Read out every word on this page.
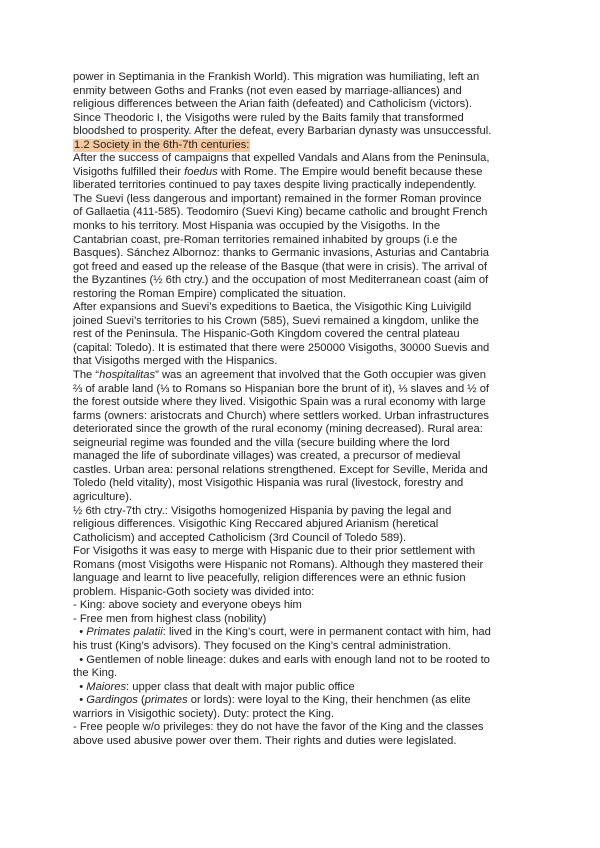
power in Septimania in the Frankish World). This migration was humiliating, left an
enmity between Goths and Franks (not even eased by marriage-alliances) and
religious differences between the Arian faith (defeated) and Catholicism (victors).
Since Theodoric I, the Visigoths were ruled by the Baits family that transformed
bloodshed to prosperity. After the defeat, every Barbarian dynasty was unsuccessful.

1.2 Society in the 6th-7th centuries:

After the success of campaigns that expelled Vandals and Alans from the Peninsula,
Visigoths fulfilled their foedus with Rome. The Empire would benefit because these
liberated territories continued to pay taxes despite living practically independently.

The Suevi (less dangerous and important) remained in the former Roman province
of Gallaetia (411-585). Teodomiro (Suevi King) became catholic and brought French
monks to his territory. Most Hispania was occupied by the Visigoths. In the
Cantabrian coast, pre-Roman territories remained inhabited by groups (i.e the
Basques). Sánchez Albornoz: thanks to Germanic invasions, Asturias and Cantabria
got freed and eased up the release of the Basque (that were in crisis). The arrival of
the Byzantines (½ 6th ctry.) and the occupation of most Mediterranean coast (aim of
restoring the Roman Empire) complicated the situation.

After expansions and Suevi’s expeditions to Baetica, the Visigothic King Luivigild
joined Suevi’s territories to his Crown (585), Suevi remained a kingdom, unlike the
rest of the Peninsula. The Hispanic-Goth Kingdom covered the central plateau
(capital: Toledo). It is estimated that there were 250000 Visigoths, 30000 Suevis and
that Visigoths merged with the Hispanics.

The “hospitalitas” was an agreement that involved that the Goth occupier was given
⅔ of arable land (⅓ to Romans so Hispanian bore the brunt of it), ⅓ slaves and ½ of
the forest outside where they lived. Visigothic Spain was a rural economy with large
farms (owners: aristocrats and Church) where settlers worked. Urban infrastructures
deteriorated since the growth of the rural economy (mining decreased). Rural area:
seigneurial regime was founded and the villa (secure building where the lord
managed the life of subordinate villages) was created, a precursor of medieval
castles. Urban area: personal relations strengthened. Except for Seville, Merida and
Toledo (held vitality), most Visigothic Hispania was rural (livestock, forestry and
agriculture).

½ 6th ctry-7th ctry.: Visigoths homogenized Hispania by paving the legal and
religious differences. Visigothic King Reccared abjured Arianism (heretical
Catholicism) and accepted Catholicism (3rd Council of Toledo 589).

For Visigoths it was easy to merge with Hispanic due to their prior settlement with
Romans (most Visigoths were Hispanic not Romans). Although they mastered their
language and learnt to live peacefully, religion differences were an ethnic fusion
problem. Hispanic-Goth society was divided into:

- King: above society and everyone obeys him
- Free men from highest class (nobility)
• Primates palatii: lived in the King’s court, were in permanent contact with him, had
his trust (King’s advisors). They focused on the King’s central administration.
• Gentlemen of noble lineage: dukes and earls with enough land not to be rooted to
the King.
• Maiores: upper class that dealt with major public office
• Gardingos (primates or lords): were loyal to the King, their henchmen (as elite
warriors in Visigothic society). Duty: protect the King.
- Free people w/o privileges: they do not have the favor of the King and the classes
above used abusive power over them. Their rights and duties were legislated.
